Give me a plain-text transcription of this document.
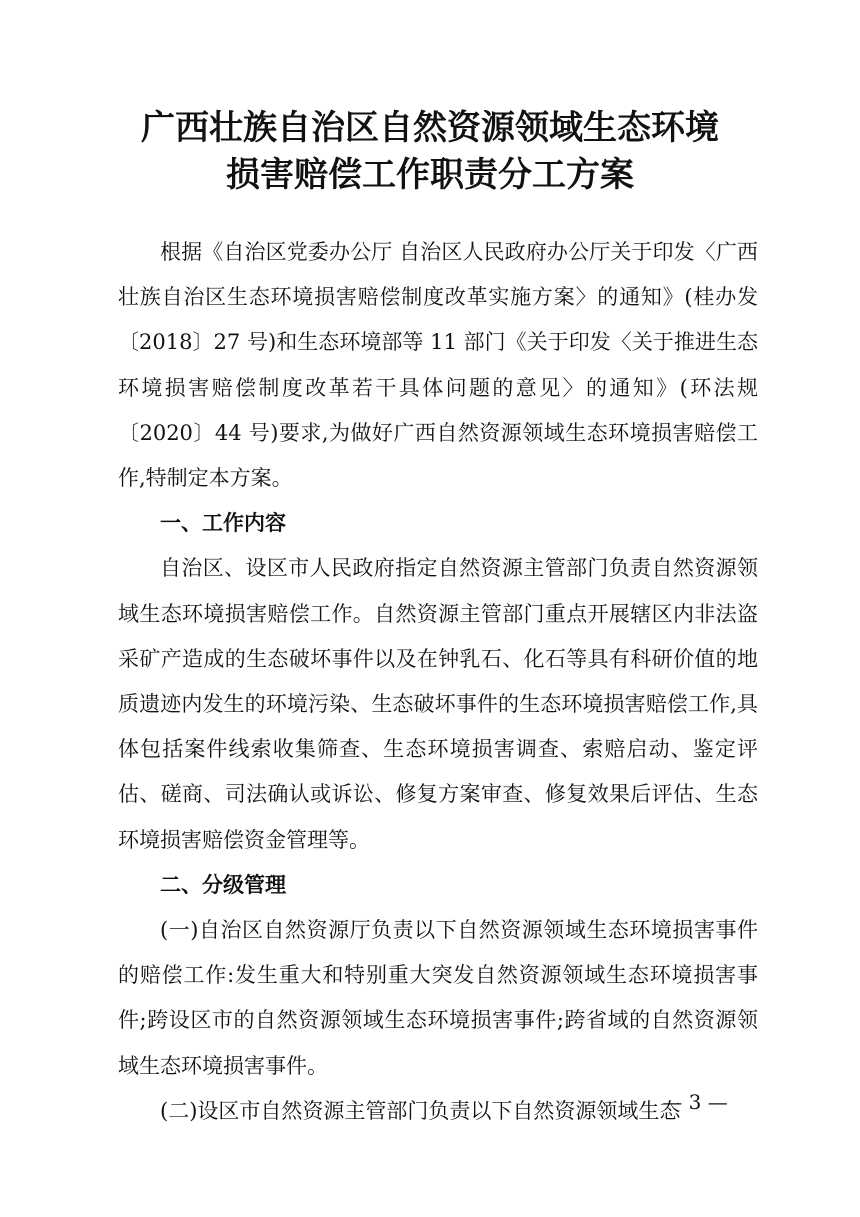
广西壮族自治区自然资源领域生态环境
损害赔偿工作职责分工方案

根据《自治区党委办公厅 自治区人民政府办公厅关于印发〈广西壮族自治区生态环境损害赔偿制度改革实施方案〉的通知》(桂办发〔2018〕27 号)和生态环境部等 11 部门《关于印发〈关于推进生态环境损害赔偿制度改革若干具体问题的意见〉的通知》(环法规〔2020〕44 号)要求,为做好广西自然资源领域生态环境损害赔偿工作,特制定本方案。

一、工作内容

自治区、设区市人民政府指定自然资源主管部门负责自然资源领域生态环境损害赔偿工作。自然资源主管部门重点开展辖区内非法盗采矿产造成的生态破坏事件以及在钟乳石、化石等具有科研价值的地质遗迹内发生的环境污染、生态破坏事件的生态环境损害赔偿工作,具体包括案件线索收集筛查、生态环境损害调查、索赔启动、鉴定评估、磋商、司法确认或诉讼、修复方案审查、修复效果后评估、生态环境损害赔偿资金管理等。

二、分级管理

(一)自治区自然资源厅负责以下自然资源领域生态环境损害事件的赔偿工作:发生重大和特别重大突发自然资源领域生态环境损害事件;跨设区市的自然资源领域生态环境损害事件;跨省域的自然资源领域生态环境损害事件。

(二)设区市自然资源主管部门负责以下自然资源领域生态

— 3 —
